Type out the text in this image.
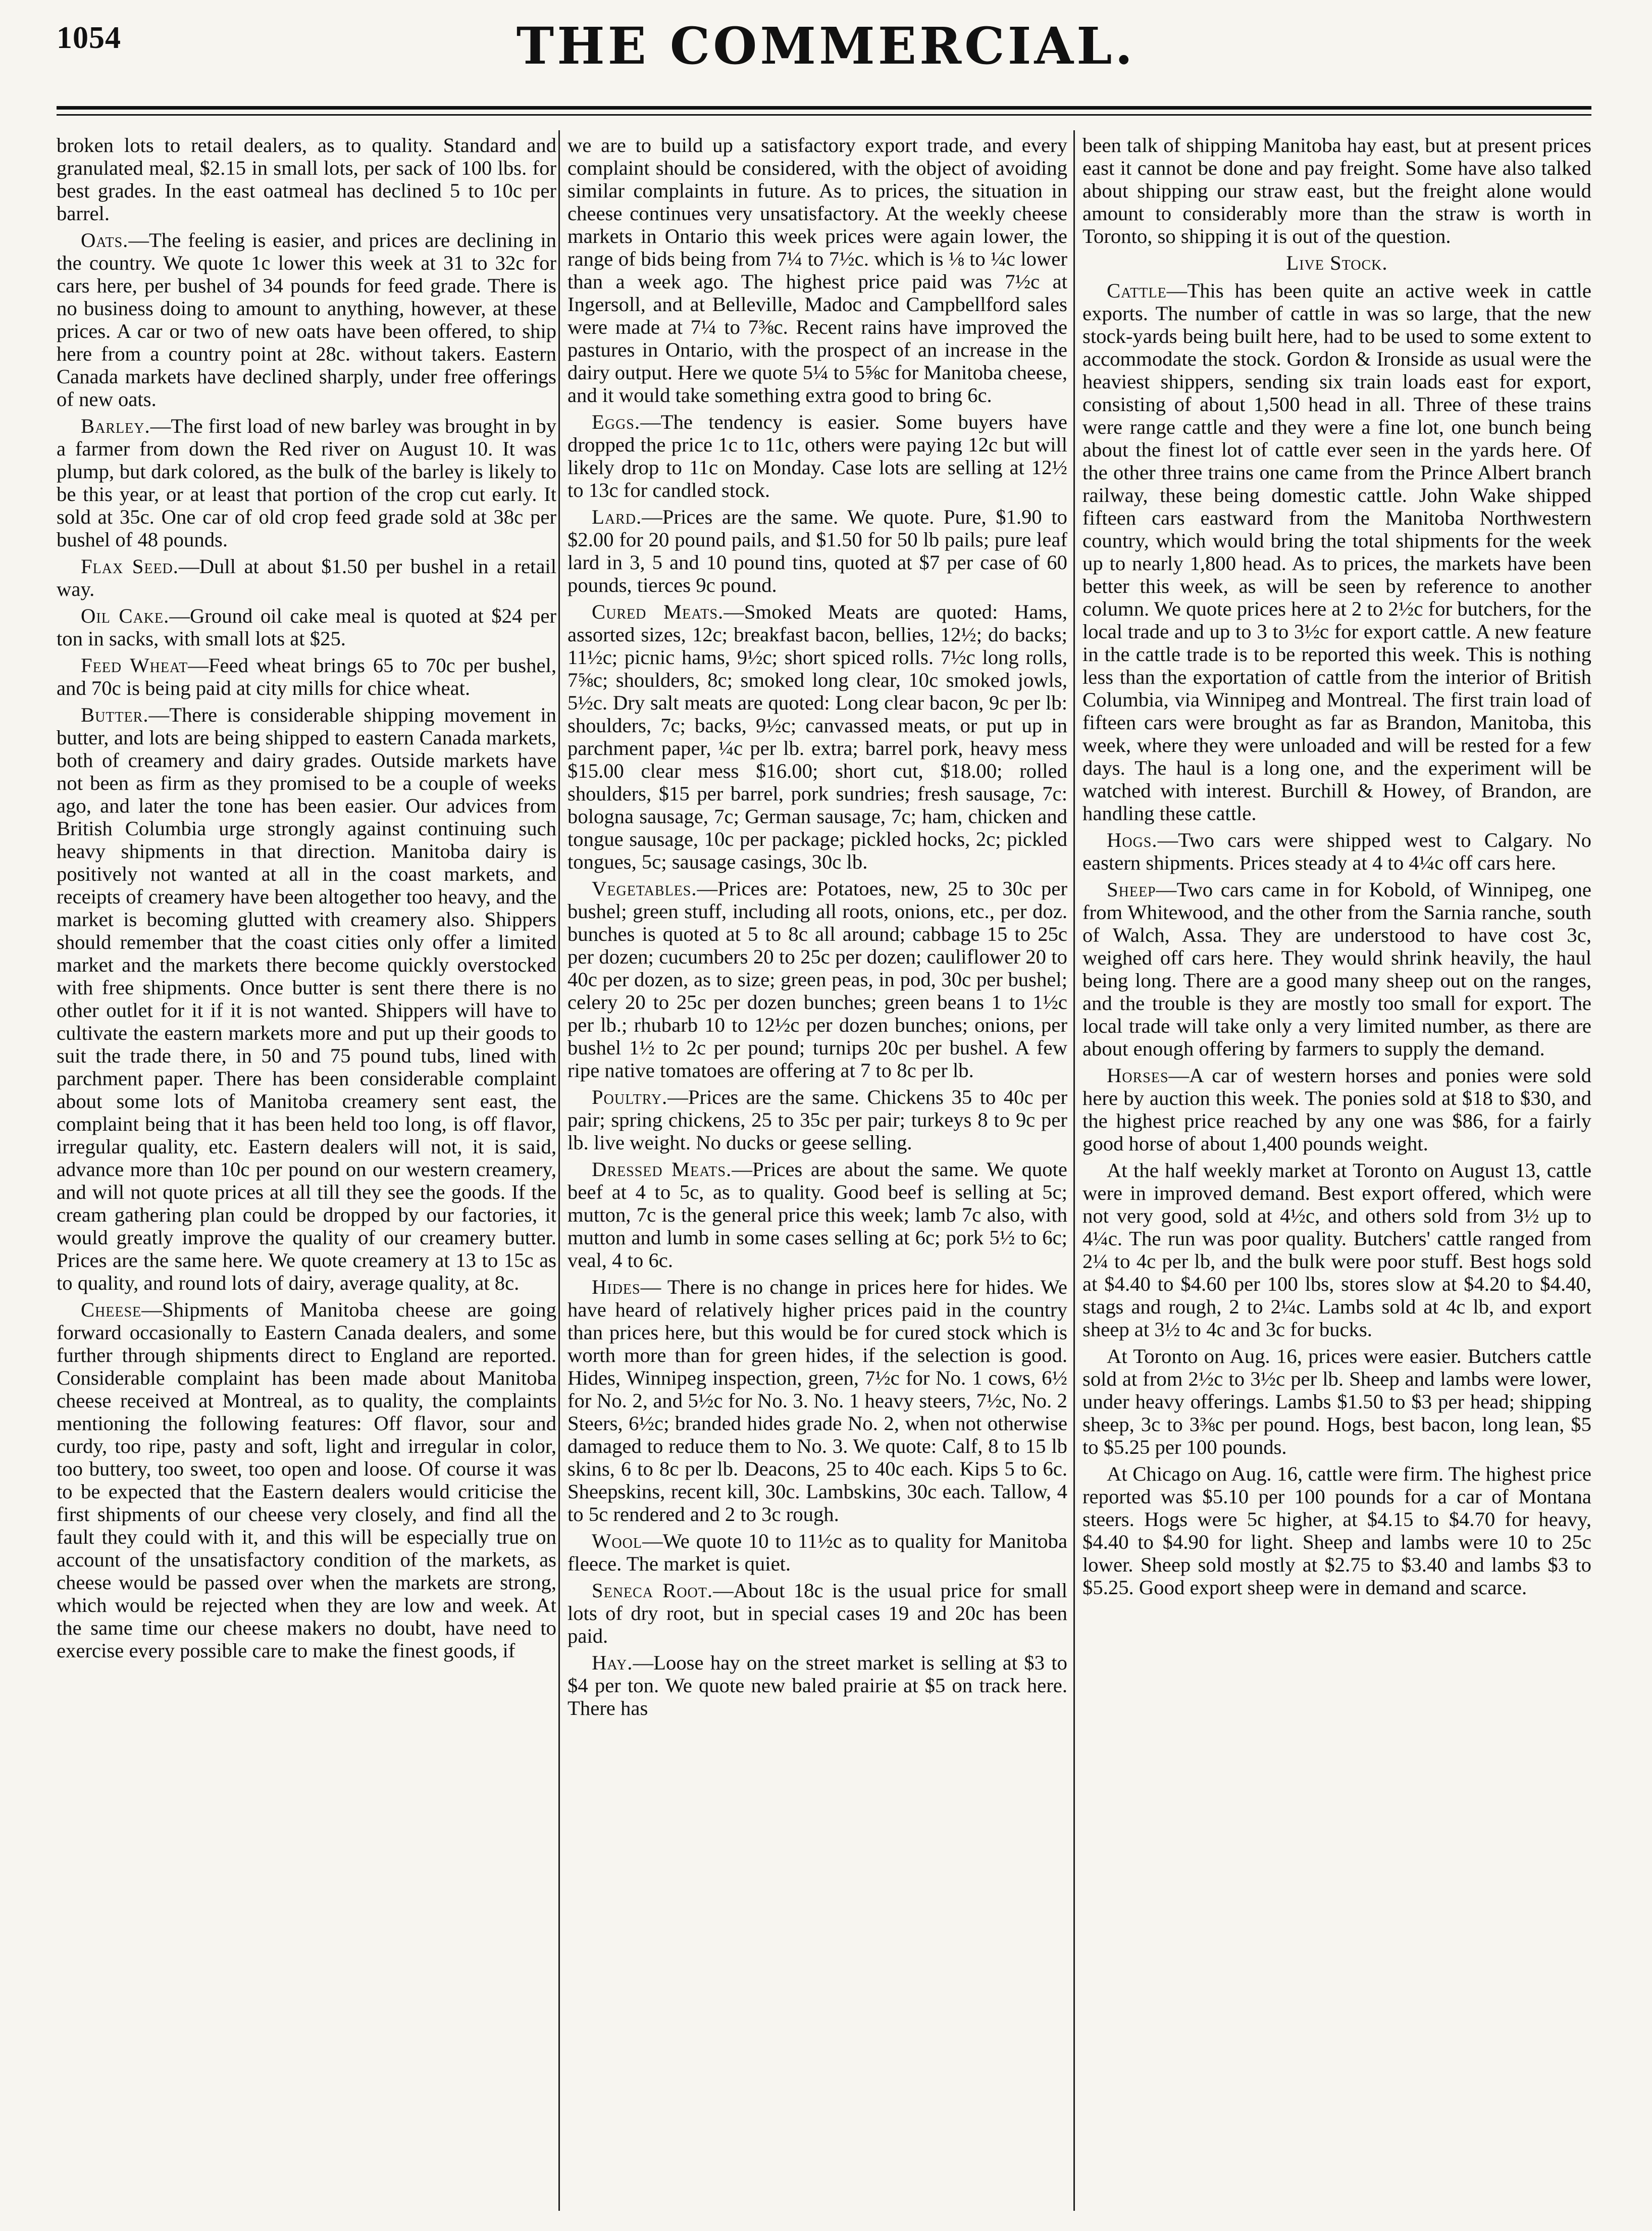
1054	THE COMMERCIAL.

broken lots to retail dealers, as to quality. Standard and granulated meal, $2.15 in small lots, per sack of 100 lbs. for best grades. In the east oatmeal has declined 5 to 10c per barrel.

Oats.—The feeling is easier, and prices are declining in the country. We quote 1c lower this week at 31 to 32c for cars here, per bushel of 34 pounds for feed grade. There is no business doing to amount to anything, however, at these prices. A car or two of new oats have been offered, to ship here from a country point at 28c. without takers. Eastern Canada markets have declined sharply, under free offerings of new oats.

Barley.—The first load of new barley was brought in by a farmer from down the Red river on August 10. It was plump, but dark colored, as the bulk of the barley is likely to be this year, or at least that portion of the crop cut early. It sold at 35c. One car of old crop feed grade sold at 38c per bushel of 48 pounds.

Flax Seed.—Dull at about $1.50 per bushel in a retail way.

Oil Cake.—Ground oil cake meal is quoted at $24 per ton in sacks, with small lots at $25.

Feed Wheat—Feed wheat brings 65 to 70c per bushel, and 70c is being paid at city mills for chice wheat.

Butter.—There is considerable shipping movement in butter, and lots are being shipped to eastern Canada markets, both of creamery and dairy grades. Outside markets have not been as firm as they promised to be a couple of weeks ago, and later the tone has been easier. Our advices from British Columbia urge strongly against continuing such heavy shipments in that direction. Manitoba dairy is positively not wanted at all in the coast markets, and receipts of creamery have been altogether too heavy, and the market is becoming glutted with creamery also. Shippers should remember that the coast cities only offer a limited market and the markets there become quickly overstocked with free shipments. Once butter is sent there there is no other outlet for it if it is not wanted. Shippers will have to cultivate the eastern markets more and put up their goods to suit the trade there, in 50 and 75 pound tubs, lined with parchment paper. There has been considerable complaint about some lots of Manitoba creamery sent east, the complaint being that it has been held too long, is off flavor, irregular quality, etc. Eastern dealers will not, it is said, advance more than 10c per pound on our western creamery, and will not quote prices at all till they see the goods. If the cream gathering plan could be dropped by our factories, it would greatly improve the quality of our creamery butter. Prices are the same here. We quote creamery at 13 to 15c as to quality, and round lots of dairy, average quality, at 8c.

Cheese—Shipments of Manitoba cheese are going forward occasionally to Eastern Canada dealers, and some further through shipments direct to England are reported. Considerable complaint has been made about Manitoba cheese received at Montreal, as to quality, the complaints mentioning the following features: Off flavor, sour and curdy, too ripe, pasty and soft, light and irregular in color, too buttery, too sweet, too open and loose. Of course it was to be expected that the Eastern dealers would criticise the first shipments of our cheese very closely, and find all the fault they could with it, and this will be especially true on account of the unsatisfactory condition of the markets, as cheese would be passed over when the markets are strong, which would be rejected when they are low and week. At the same time our cheese makers no doubt, have need to exercise every possible care to make the finest goods, if

we are to build up a satisfactory export trade, and every complaint should be considered, with the object of avoiding similar complaints in future. As to prices, the situation in cheese continues very unsatisfactory. At the weekly cheese markets in Ontario this week prices were again lower, the range of bids being from 7¼ to 7½c. which is ⅛ to ¼c lower than a week ago. The highest price paid was 7½c at Ingersoll, and at Belleville, Madoc and Campbellford sales were made at 7¼ to 7⅜c. Recent rains have improved the pastures in Ontario, with the prospect of an increase in the dairy output. Here we quote 5¼ to 5⅝c for Manitoba cheese, and it would take something extra good to bring 6c.

Eggs.—The tendency is easier. Some buyers have dropped the price 1c to 11c, others were paying 12c but will likely drop to 11c on Monday. Case lots are selling at 12½ to 13c for candled stock.

Lard.—Prices are the same. We quote. Pure, $1.90 to $2.00 for 20 pound pails, and $1.50 for 50 lb pails; pure leaf lard in 3, 5 and 10 pound tins, quoted at $7 per case of 60 pounds, tierces 9c pound.

Cured Meats.—Smoked Meats are quoted: Hams, assorted sizes, 12c; breakfast bacon, bellies, 12½; do backs; 11½c; picnic hams, 9½c; short spiced rolls. 7½c long rolls, 7⅝c; shoulders, 8c; smoked long clear, 10c smoked jowls, 5½c. Dry salt meats are quoted: Long clear bacon, 9c per lb: shoulders, 7c; backs, 9½c; canvassed meats, or put up in parchment paper, ¼c per lb. extra; barrel pork, heavy mess $15.00 clear mess $16.00; short cut, $18.00; rolled shoulders, $15 per barrel, pork sundries; fresh sausage, 7c: bologna sausage, 7c; German sausage, 7c; ham, chicken and tongue sausage, 10c per package; pickled hocks, 2c; pickled tongues, 5c; sausage casings, 30c lb.

Vegetables.—Prices are: Potatoes, new, 25 to 30c per bushel; green stuff, including all roots, onions, etc., per doz. bunches is quoted at 5 to 8c all around; cabbage 15 to 25c per dozen; cucumbers 20 to 25c per dozen; cauliflower 20 to 40c per dozen, as to size; green peas, in pod, 30c per bushel; celery 20 to 25c per dozen bunches; green beans 1 to 1½c per lb.; rhubarb 10 to 12½c per dozen bunches; onions, per bushel 1½ to 2c per pound; turnips 20c per bushel. A few ripe native tomatoes are offering at 7 to 8c per lb.

Poultry.—Prices are the same. Chickens 35 to 40c per pair; spring chickens, 25 to 35c per pair; turkeys 8 to 9c per lb. live weight. No ducks or geese selling.

Dressed Meats.—Prices are about the same. We quote beef at 4 to 5c, as to quality. Good beef is selling at 5c; mutton, 7c is the general price this week; lamb 7c also, with mutton and lumb in some cases selling at 6c; pork 5½ to 6c; veal, 4 to 6c.

Hides— There is no change in prices here for hides. We have heard of relatively higher prices paid in the country than prices here, but this would be for cured stock which is worth more than for green hides, if the selection is good. Hides, Winnipeg inspection, green, 7½c for No. 1 cows, 6½ for No. 2, and 5½c for No. 3. No. 1 heavy steers, 7½c, No. 2 Steers, 6½c; branded hides grade No. 2, when not otherwise damaged to reduce them to No. 3. We quote: Calf, 8 to 15 lb skins, 6 to 8c per lb. Deacons, 25 to 40c each. Kips 5 to 6c. Sheepskins, recent kill, 30c. Lambskins, 30c each. Tallow, 4 to 5c rendered and 2 to 3c rough.

Wool—We quote 10 to 11½c as to quality for Manitoba fleece. The market is quiet.

Seneca Root.—About 18c is the usual price for small lots of dry root, but in special cases 19 and 20c has been paid.

Hay.—Loose hay on the street market is selling at $3 to $4 per ton. We quote new baled prairie at $5 on track here. There has

been talk of shipping Manitoba hay east, but at present prices east it cannot be done and pay freight. Some have also talked about shipping our straw east, but the freight alone would amount to considerably more than the straw is worth in Toronto, so shipping it is out of the question.

Live Stock.

Cattle—This has been quite an active week in cattle exports. The number of cattle in was so large, that the new stock-yards being built here, had to be used to some extent to accommodate the stock. Gordon & Ironside as usual were the heaviest shippers, sending six train loads east for export, consisting of about 1,500 head in all. Three of these trains were range cattle and they were a fine lot, one bunch being about the finest lot of cattle ever seen in the yards here. Of the other three trains one came from the Prince Albert branch railway, these being domestic cattle. John Wake shipped fifteen cars eastward from the Manitoba Northwestern country, which would bring the total shipments for the week up to nearly 1,800 head. As to prices, the markets have been better this week, as will be seen by reference to another column. We quote prices here at 2 to 2½c for butchers, for the local trade and up to 3 to 3½c for export cattle. A new feature in the cattle trade is to be reported this week. This is nothing less than the exportation of cattle from the interior of British Columbia, via Winnipeg and Montreal. The first train load of fifteen cars were brought as far as Brandon, Manitoba, this week, where they were unloaded and will be rested for a few days. The haul is a long one, and the experiment will be watched with interest. Burchill & Howey, of Brandon, are handling these cattle.

Hogs.—Two cars were shipped west to Calgary. No eastern shipments. Prices steady at 4 to 4¼c off cars here.

Sheep—Two cars came in for Kobold, of Winnipeg, one from Whitewood, and the other from the Sarnia ranche, south of Walch, Assa. They are understood to have cost 3c, weighed off cars here. They would shrink heavily, the haul being long. There are a good many sheep out on the ranges, and the trouble is they are mostly too small for export. The local trade will take only a very limited number, as there are about enough offering by farmers to supply the demand.

Horses—A car of western horses and ponies were sold here by auction this week. The ponies sold at $18 to $30, and the highest price reached by any one was $86, for a fairly good horse of about 1,400 pounds weight.

At the half weekly market at Toronto on August 13, cattle were in improved demand. Best export offered, which were not very good, sold at 4½c, and others sold from 3½ up to 4¼c. The run was poor quality. Butchers' cattle ranged from 2¼ to 4c per lb, and the bulk were poor stuff. Best hogs sold at $4.40 to $4.60 per 100 lbs, stores slow at $4.20 to $4.40, stags and rough, 2 to 2¼c. Lambs sold at 4c lb, and export sheep at 3½ to 4c and 3c for bucks.

At Toronto on Aug. 16, prices were easier. Butchers cattle sold at from 2½c to 3½c per lb. Sheep and lambs were lower, under heavy offerings. Lambs $1.50 to $3 per head; shipping sheep, 3c to 3⅜c per pound. Hogs, best bacon, long lean, $5 to $5.25 per 100 pounds.

At Chicago on Aug. 16, cattle were firm. The highest price reported was $5.10 per 100 pounds for a car of Montana steers. Hogs were 5c higher, at $4.15 to $4.70 for heavy, $4.40 to $4.90 for light. Sheep and lambs were 10 to 25c lower. Sheep sold mostly at $2.75 to $3.40 and lambs $3 to $5.25. Good export sheep were in demand and scarce.
